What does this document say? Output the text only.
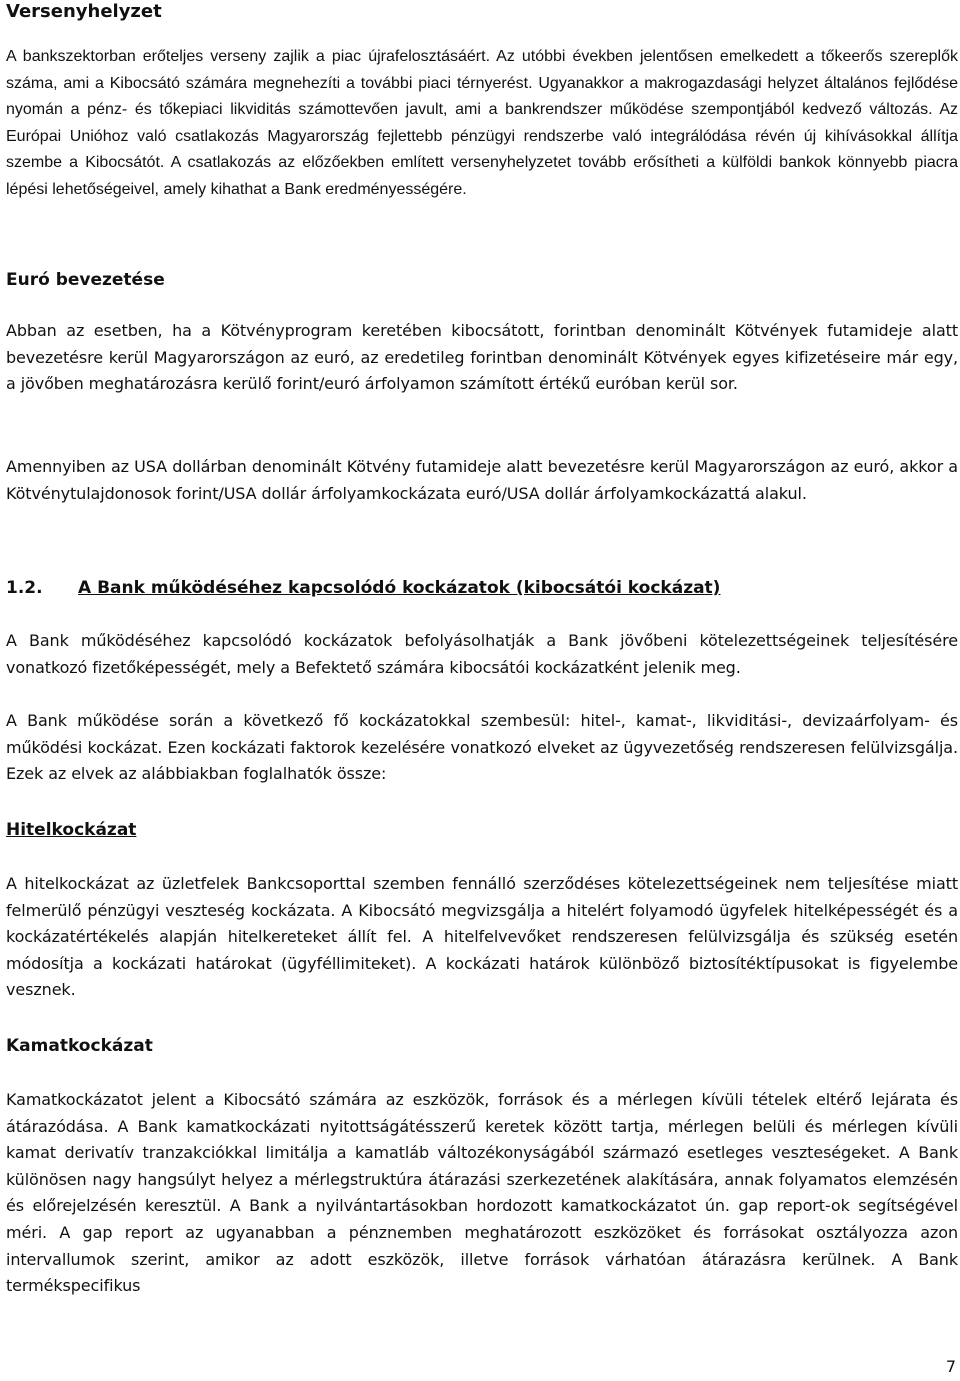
Versenyhelyzet

A bankszektorban erőteljes verseny zajlik a piac újrafelosztásáért. Az utóbbi években jelentősen emelkedett a tőkeerős szereplők száma, ami a Kibocsátó számára megnehezíti a további piaci térnyerést. Ugyanakkor a makrogazdasági helyzet általános fejlődése nyomán a pénz- és tőkepiaci likviditás számottevően javult, ami a bankrendszer működése szempontjából kedvező változás. Az Európai Unióhoz való csatlakozás Magyarország fejlettebb pénzügyi rendszerbe való integrálódása révén új kihívásokkal állítja szembe a Kibocsátót. A csatlakozás az előzőekben említett versenyhelyzetet tovább erősítheti a külföldi bankok könnyebb piacra lépési lehetőségeivel, amely kihathat a Bank eredményességére.

Euró bevezetése

Abban az esetben, ha a Kötvényprogram keretében kibocsátott, forintban denominált Kötvények futamideje alatt bevezetésre kerül Magyarországon az euró, az eredetileg forintban denominált Kötvények egyes kifizetéseire már egy, a jövőben meghatározásra kerülő forint/euró árfolyamon számított értékű euróban kerül sor.

Amennyiben az USA dollárban denominált Kötvény futamideje alatt bevezetésre kerül Magyarországon az euró, akkor a Kötvénytulajdonosok forint/USA dollár árfolyamkockázata euró/USA dollár árfolyamkockázattá alakul.

1.2. A Bank működéséhez kapcsolódó kockázatok (kibocsátói kockázat)

A Bank működéséhez kapcsolódó kockázatok befolyásolhatják a Bank jövőbeni kötelezettségeinek teljesítésére vonatkozó fizetőképességét, mely a Befektető számára kibocsátói kockázatként jelenik meg.

A Bank működése során a következő fő kockázatokkal szembesül: hitel-, kamat-, likviditási-, devizaárfolyam- és működési kockázat. Ezen kockázati faktorok kezelésére vonatkozó elveket az ügyvezetőség rendszeresen felülvizsgálja. Ezek az elvek az alábbiakban foglalhatók össze:

Hitelkockázat

A hitelkockázat az üzletfelek Bankcsoporttal szemben fennálló szerződéses kötelezettségeinek nem teljesítése miatt felmerülő pénzügyi veszteség kockázata. A Kibocsátó megvizsgálja a hitelért folyamodó ügyfelek hitelképességét és a kockázatértékelés alapján hitelkereteket állít fel. A hitelfelvevőket rendszeresen felülvizsgálja és szükség esetén módosítja a kockázati határokat (ügyféllimiteket). A kockázati határok különböző biztosítéktípusokat is figyelembe vesznek.

Kamatkockázat

Kamatkockázatot jelent a Kibocsátó számára az eszközök, források és a mérlegen kívüli tételek eltérő lejárata és átárazódása. A Bank kamatkockázati nyitottságátésszerű keretek között tartja, mérlegen belüli és mérlegen kívüli kamat derivatív tranzakciókkal limitálja a kamatláb változékonyságából származó esetleges veszteségeket. A Bank különösen nagy hangsúlyt helyez a mérlegstruktúra átárazási szerkezetének alakítására, annak folyamatos elemzésén és előrejelzésén keresztül. A Bank a nyilvántartásokban hordozott kamatkockázatot ún. gap report-ok segítségével méri. A gap report az ugyanabban a pénznemben meghatározott eszközöket és forrásokat osztályozza azon intervallumok szerint, amikor az adott eszközök, illetve források várhatóan átárazásra kerülnek. A Bank termékspecifikus

7
